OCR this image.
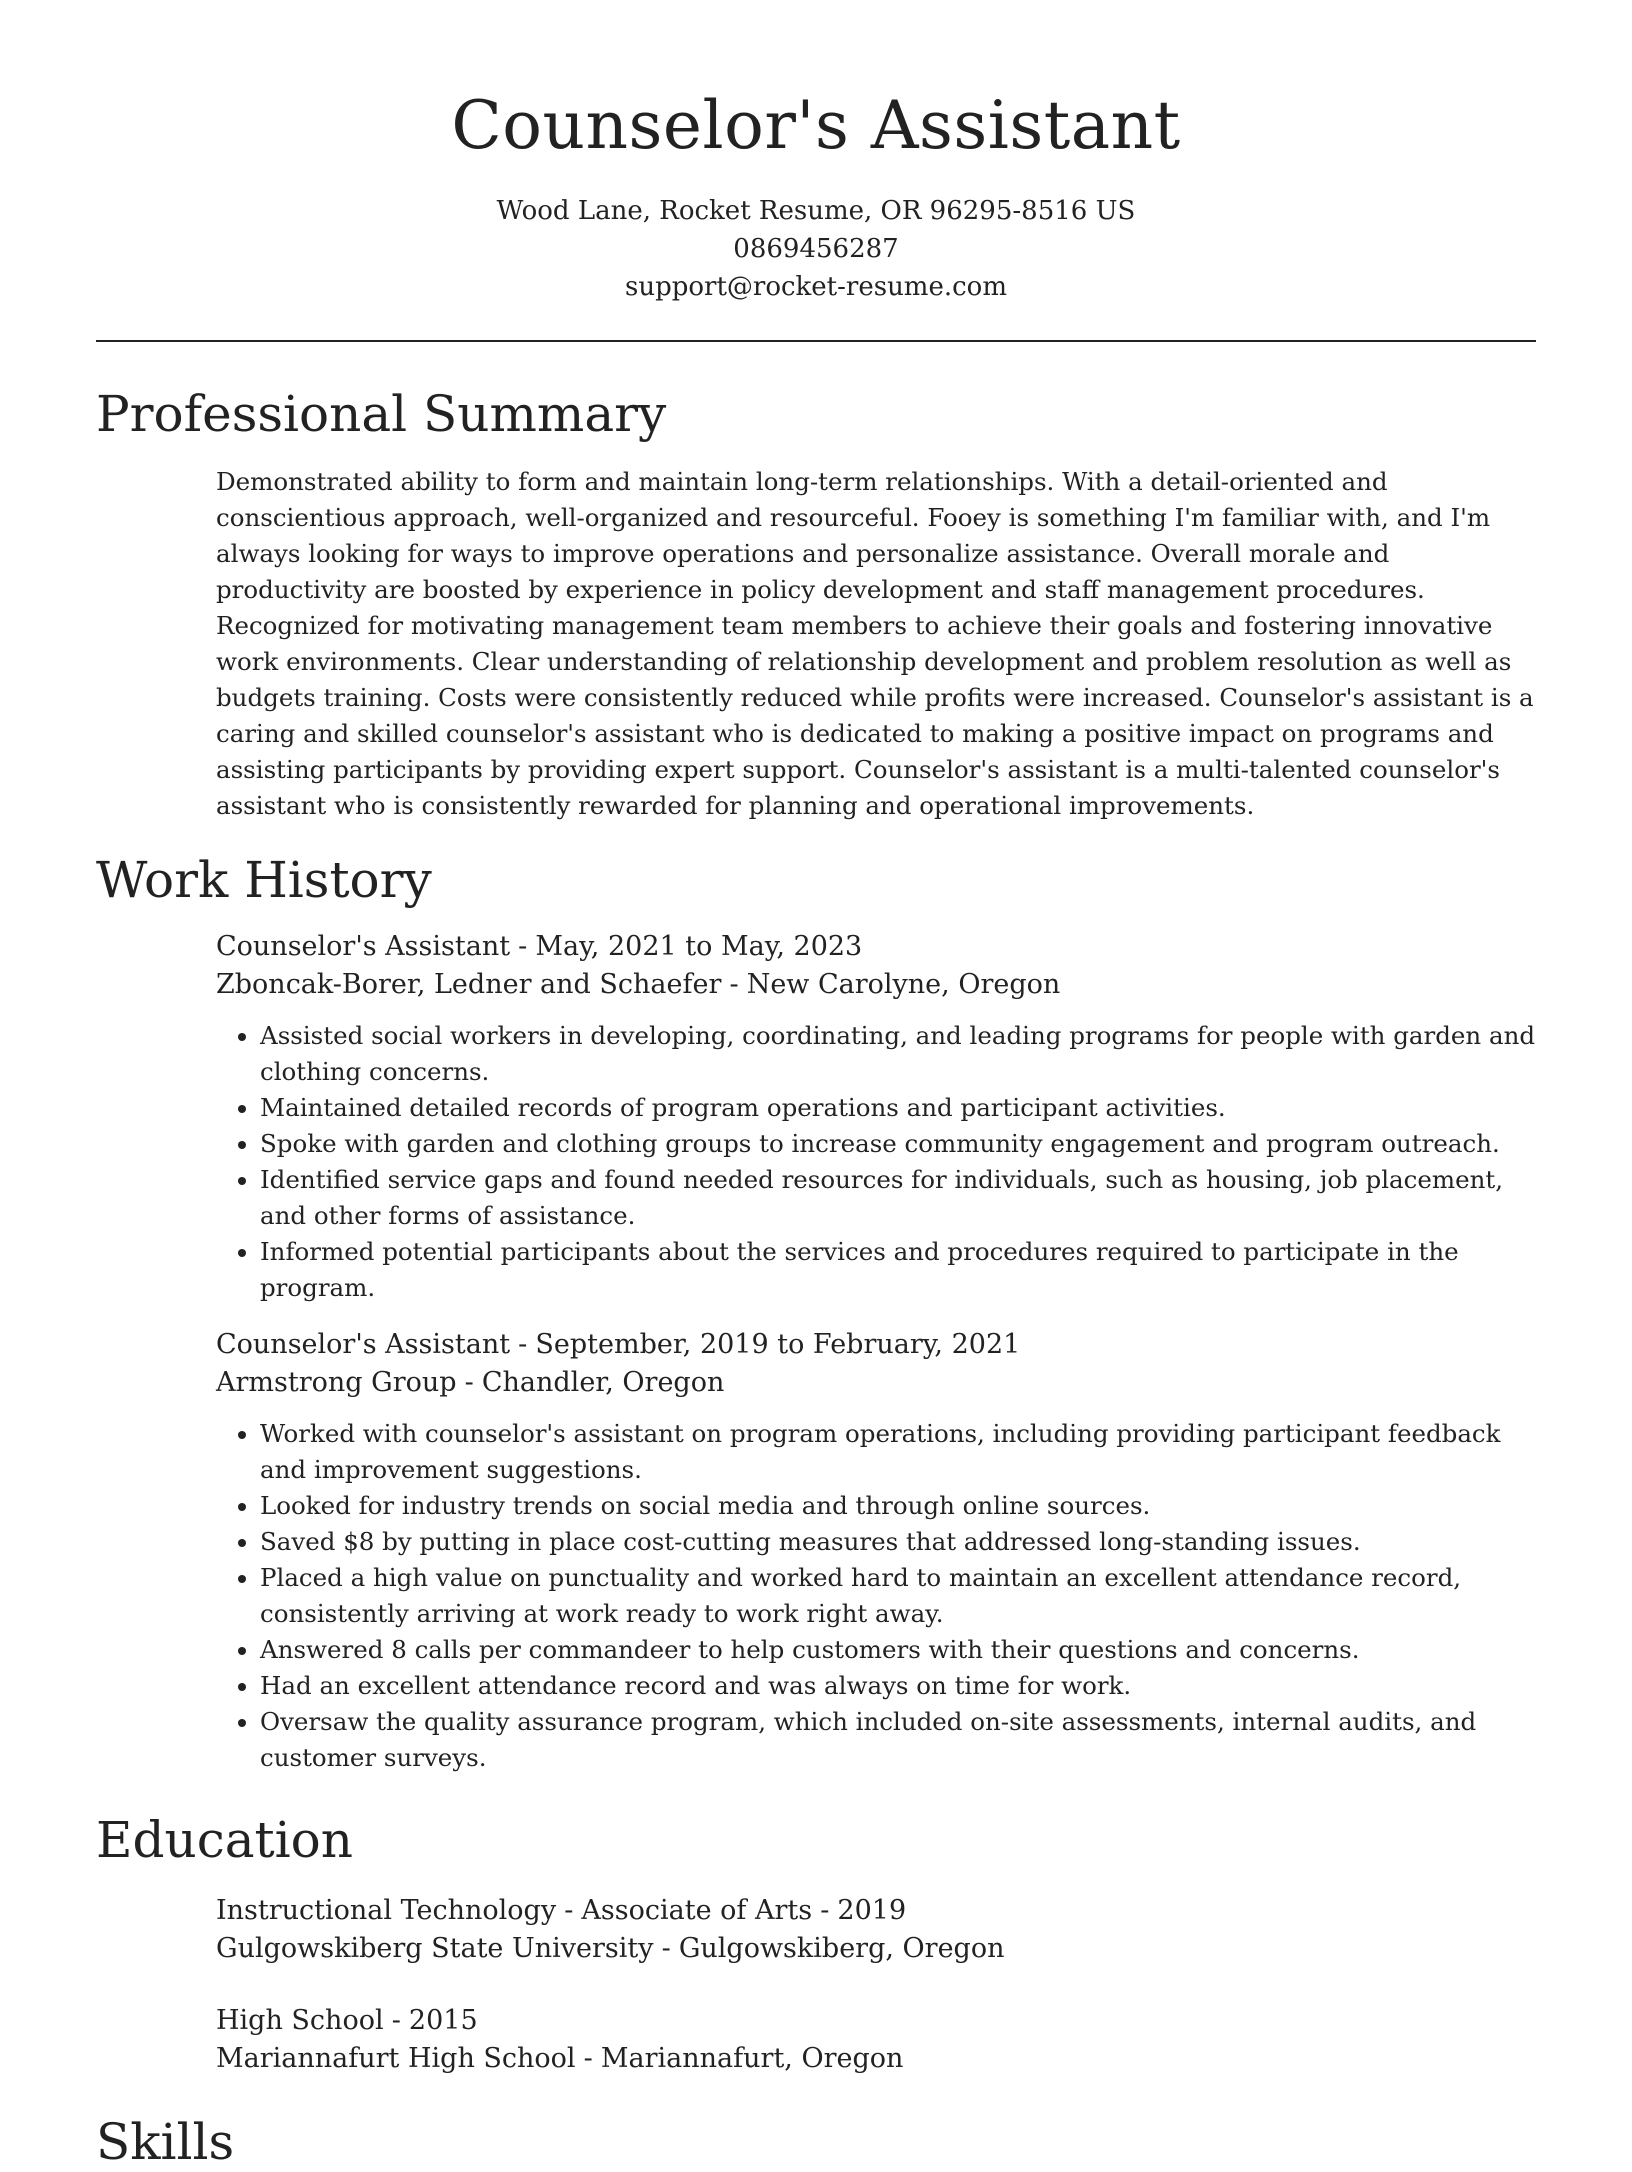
Counselor's Assistant
Wood Lane, Rocket Resume, OR 96295-8516 US
0869456287
support@rocket-resume.com
Professional Summary
Demonstrated ability to form and maintain long-term relationships. With a detail-oriented and conscientious approach, well-organized and resourceful. Fooey is something I'm familiar with, and I'm always looking for ways to improve operations and personalize assistance. Overall morale and productivity are boosted by experience in policy development and staff management procedures. Recognized for motivating management team members to achieve their goals and fostering innovative work environments. Clear understanding of relationship development and problem resolution as well as budgets training. Costs were consistently reduced while profits were increased. Counselor's assistant is a caring and skilled counselor's assistant who is dedicated to making a positive impact on programs and assisting participants by providing expert support. Counselor's assistant is a multi-talented counselor's assistant who is consistently rewarded for planning and operational improvements.
Work History
Counselor's Assistant - May, 2021 to May, 2023
Zboncak-Borer, Ledner and Schaefer - New Carolyne, Oregon
• Assisted social workers in developing, coordinating, and leading programs for people with garden and clothing concerns.
• Maintained detailed records of program operations and participant activities.
• Spoke with garden and clothing groups to increase community engagement and program outreach.
• Identified service gaps and found needed resources for individuals, such as housing, job placement, and other forms of assistance.
• Informed potential participants about the services and procedures required to participate in the program.
Counselor's Assistant - September, 2019 to February, 2021
Armstrong Group - Chandler, Oregon
• Worked with counselor's assistant on program operations, including providing participant feedback and improvement suggestions.
• Looked for industry trends on social media and through online sources.
• Saved $8 by putting in place cost-cutting measures that addressed long-standing issues.
• Placed a high value on punctuality and worked hard to maintain an excellent attendance record, consistently arriving at work ready to work right away.
• Answered 8 calls per commandeer to help customers with their questions and concerns.
• Had an excellent attendance record and was always on time for work.
• Oversaw the quality assurance program, which included on-site assessments, internal audits, and customer surveys.
Education
Instructional Technology - Associate of Arts - 2019
Gulgowskiberg State University - Gulgowskiberg, Oregon
High School - 2015
Mariannafurt High School - Mariannafurt, Oregon
Skills
